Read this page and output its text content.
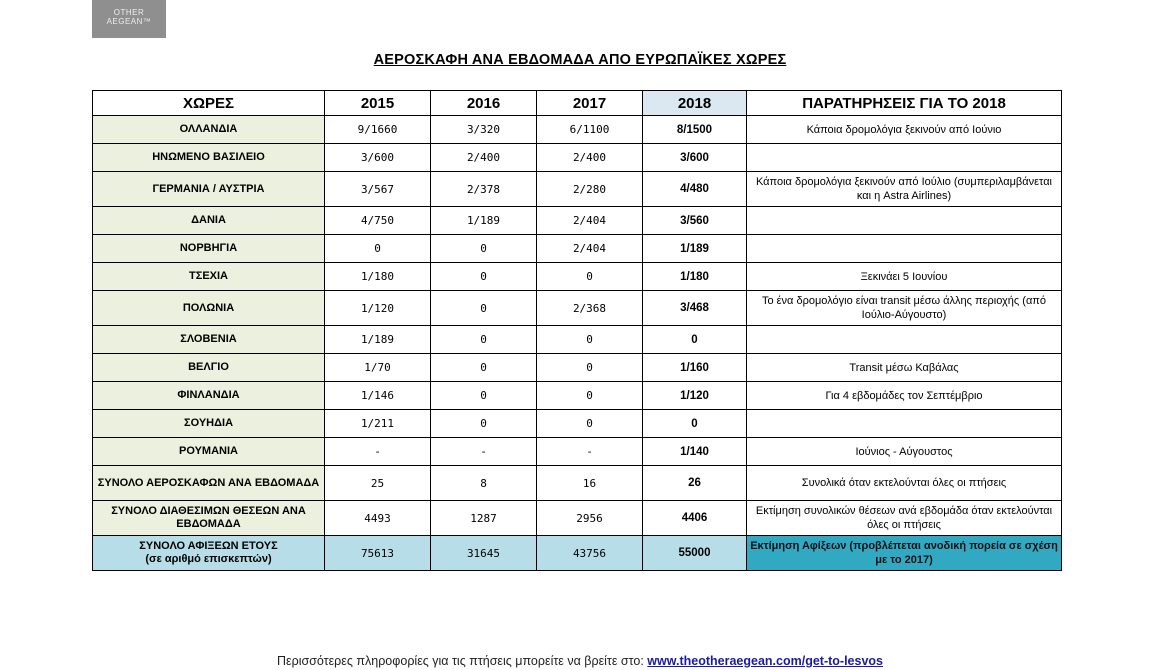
OTHER
AEGEAN™
ΑΕΡΟΣΚΑΦΗ ΑΝΑ ΕΒΔΟΜΑΔΑ ΑΠΟ ΕΥΡΩΠΑΪΚΕΣ ΧΩΡΕΣ
ΧΩΡΕΣ	2015	2016	2017	2018	ΠΑΡΑΤΗΡΗΣΕΙΣ ΓΙΑ ΤΟ 2018
ΟΛΛΑΝΔΙΑ	9/1660	3/320	6/1100	8/1500	Κάποια δρομολόγια ξεκινούν από Ιούνιο
ΗΝΩΜΕΝΟ ΒΑΣΙΛΕΙΟ	3/600	2/400	2/400	3/600	
ΓΕΡΜΑΝΙΑ / ΑΥΣΤΡΙΑ	3/567	2/378	2/280	4/480	Κάποια δρομολόγια ξεκινούν από Ιούλιο (συμπεριλαμβάνεται και η Astra Airlines)
ΔΑΝΙΑ	4/750	1/189	2/404	3/560	
ΝΟΡΒΗΓΙΑ	0	0	2/404	1/189	
ΤΣΕΧΙΑ	1/180	0	0	1/180	Ξεκινάει 5 Ιουνίου
ΠΟΛΩΝΙΑ	1/120	0	2/368	3/468	Το ένα δρομολόγιο είναι transit μέσω άλλης περιοχής (από Ιούλιο-Αύγουστο)
ΣΛΟΒΕΝΙΑ	1/189	0	0	0	
ΒΕΛΓΙΟ	1/70	0	0	1/160	Transit μέσω Καβάλας
ΦΙΝΛΑΝΔΙΑ	1/146	0	0	1/120	Για 4 εβδομάδες τον Σεπτέμβριο
ΣΟΥΗΔΙΑ	1/211	0	0	0	
ΡΟΥΜΑΝΙΑ	-	-	-	1/140	Ιούνιος - Αύγουστος
ΣΥΝΟΛΟ ΑΕΡΟΣΚΑΦΩΝ ΑΝΑ ΕΒΔΟΜΑΔΑ	25	8	16	26	Συνολικά όταν εκτελούνται όλες οι πτήσεις
ΣΥΝΟΛΟ ΔΙΑΘΕΣΙΜΩΝ ΘΕΣΕΩΝ ΑΝΑ ΕΒΔΟΜΑΔΑ	4493	1287	2956	4406	Εκτίμηση συνολικών θέσεων ανά εβδομάδα όταν εκτελούνται όλες οι πτήσεις

ΣΥΝΟΛΟ ΑΦΙΞΕΩΝ ΕΤΟΥΣ
(σε αριθμό επισκεπτών)	75613	31645	43756	55000	Εκτίμηση Αφίξεων (προβλέπεται ανοδική πορεία σε σχέση με το 2017)
Περισσότερες πληροφορίες για τις πτήσεις μπορείτε να βρείτε στο: www.theotheraegean.com/get-to-lesvos
